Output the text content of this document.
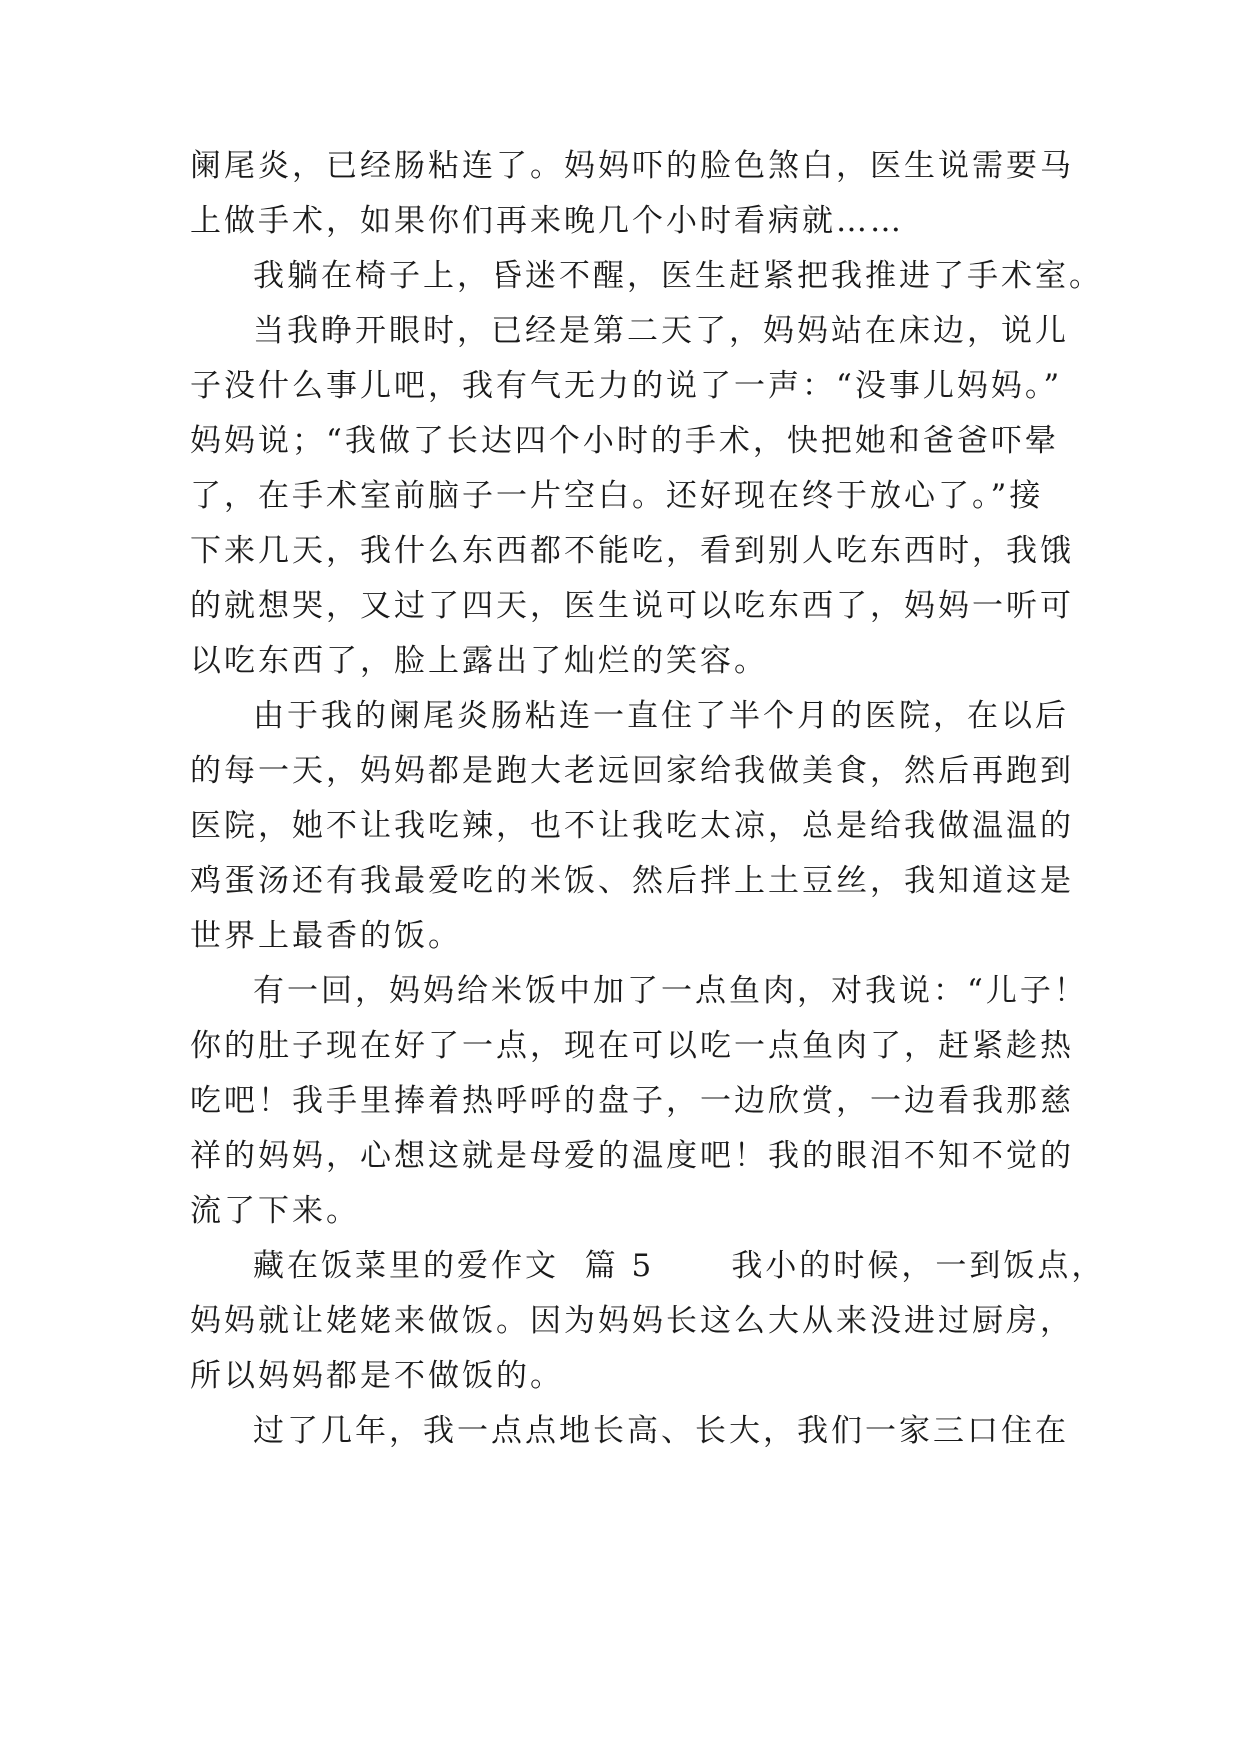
阑尾炎，已经肠粘连了。妈妈吓的脸色煞白，医生说需要马
上做手术，如果你们再来晚几个小时看病就……
我躺在椅子上，昏迷不醒，医生赶紧把我推进了手术室。
当我睁开眼时，已经是第二天了，妈妈站在床边，说儿
子没什么事儿吧，我有气无力的说了一声：“没事儿妈妈。”
妈妈说；“我做了长达四个小时的手术，快把她和爸爸吓晕
了，在手术室前脑子一片空白。还好现在终于放心了。”接
下来几天，我什么东西都不能吃，看到别人吃东西时，我饿
的就想哭，又过了四天，医生说可以吃东西了，妈妈一听可
以吃东西了，脸上露出了灿烂的笑容。
由于我的阑尾炎肠粘连一直住了半个月的医院，在以后
的每一天，妈妈都是跑大老远回家给我做美食，然后再跑到
医院，她不让我吃辣，也不让我吃太凉，总是给我做温温的
鸡蛋汤还有我最爱吃的米饭、然后拌上土豆丝，我知道这是
世界上最香的饭。
有一回，妈妈给米饭中加了一点鱼肉，对我说：“儿子！
你的肚子现在好了一点，现在可以吃一点鱼肉了，赶紧趁热
吃吧！我手里捧着热呼呼的盘子，一边欣赏，一边看我那慈
祥的妈妈，心想这就是母爱的温度吧！我的眼泪不知不觉的
流了下来。
藏在饭菜里的爱作文  篇 5      我小的时候，一到饭点，
妈妈就让姥姥来做饭。因为妈妈长这么大从来没进过厨房，
所以妈妈都是不做饭的。
过了几年，我一点点地长高、长大，我们一家三口住在
